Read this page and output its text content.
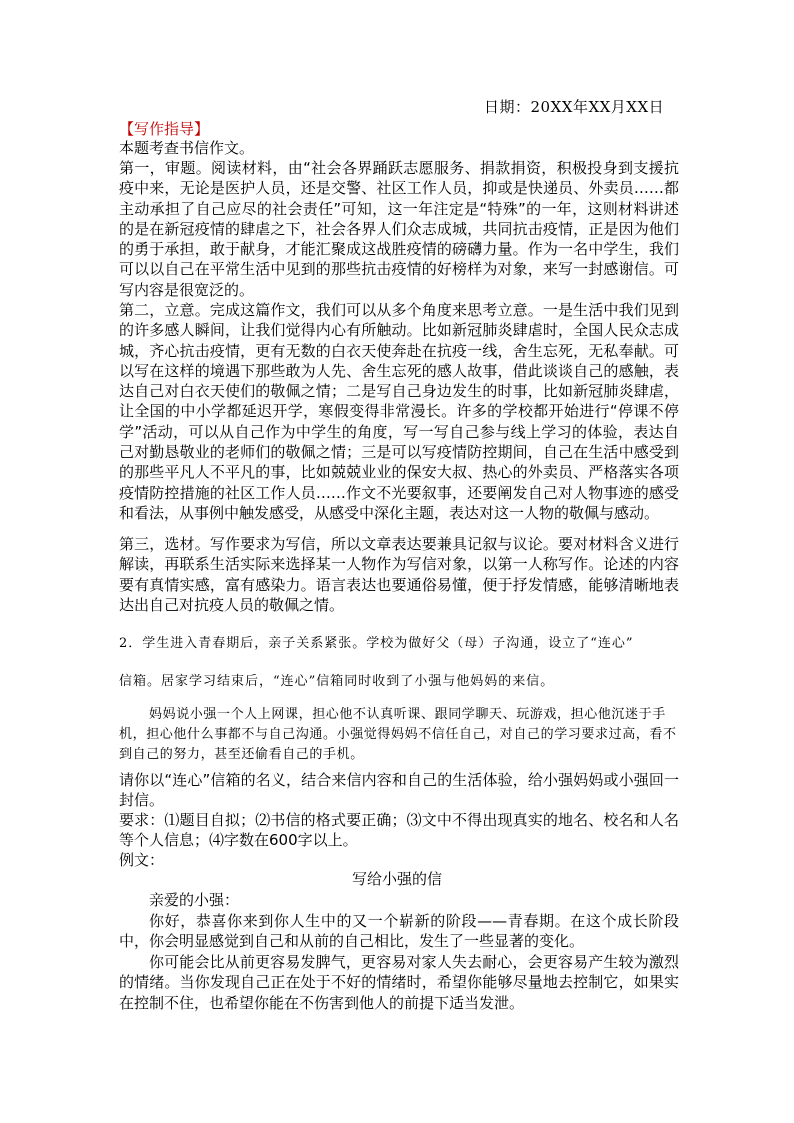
日期：20XX年XX月XX日
【写作指导】
本题考查书信作文。
第一，审题。阅读材料，由“社会各界踊跃志愿服务、捐款捐资，积极投身到支援抗疫中来，无论是医护人员，还是交警、社区工作人员，抑或是快递员、外卖员……都主动承担了自己应尽的社会责任”可知，这一年注定是“特殊”的一年，这则材料讲述的是在新冠疫情的肆虐之下，社会各界人们众志成城，共同抗击疫情，正是因为他们的勇于承担，敢于献身，才能汇聚成这战胜疫情的磅礴力量。作为一名中学生，我们可以以自己在平常生活中见到的那些抗击疫情的好榜样为对象，来写一封感谢信。可写内容是很宽泛的。
第二，立意。完成这篇作文，我们可以从多个角度来思考立意。一是生活中我们见到的许多感人瞬间，让我们觉得内心有所触动。比如新冠肺炎肆虐时，全国人民众志成城，齐心抗击疫情，更有无数的白衣天使奔赴在抗疫一线，舍生忘死，无私奉献。可以写在这样的境遇下那些敢为人先、舍生忘死的感人故事，借此谈谈自己的感触，表达自己对白衣天使们的敬佩之情；二是写自己身边发生的时事，比如新冠肺炎肆虐，让全国的中小学都延迟开学，寒假变得非常漫长。许多的学校都开始进行“停课不停学”活动，可以从自己作为中学生的角度，写一写自己参与线上学习的体验，表达自己对勤恳敬业的老师们的敬佩之情；三是可以写疫情防控期间，自己在生活中感受到的那些平凡人不平凡的事，比如兢兢业业的保安大叔、热心的外卖员、严格落实各项疫情防控措施的社区工作人员……作文不光要叙事，还要阐发自己对人物事迹的感受和看法，从事例中触发感受，从感受中深化主题，表达对这一人物的敬佩与感动。
第三，选材。写作要求为写信，所以文章表达要兼具记叙与议论。要对材料含义进行解读，再联系生活实际来选择某一人物作为写信对象，以第一人称写作。论述的内容要有真情实感，富有感染力。语言表达也要通俗易懂，便于抒发情感，能够清晰地表达出自己对抗疫人员的敬佩之情。
2．学生进入青春期后，亲子关系紧张。学校为做好父（母）子沟通，设立了“连心”
信箱。居家学习结束后，“连心”信箱同时收到了小强与他妈妈的来信。
妈妈说小强一个人上网课，担心他不认真听课、跟同学聊天、玩游戏，担心他沉迷于手机，担心他什么事都不与自己沟通。小强觉得妈妈不信任自己，对自己的学习要求过高，看不到自己的努力，甚至还偷看自己的手机。
请你以“连心”信箱的名义，结合来信内容和自己的生活体验，给小强妈妈或小强回一封信。
要求：⑴题目自拟；⑵书信的格式要正确；⑶文中不得出现真实的地名、校名和人名等个人信息；⑷字数在600字以上。
例文：
写给小强的信
亲爱的小强：
你好，恭喜你来到你人生中的又一个崭新的阶段——青春期。在这个成长阶段中，你会明显感觉到自己和从前的自己相比，发生了一些显著的变化。
你可能会比从前更容易发脾气，更容易对家人失去耐心，会更容易产生较为激烈的情绪。当你发现自己正在处于不好的情绪时，希望你能够尽量地去控制它，如果实在控制不住，也希望你能在不伤害到他人的前提下适当发泄。
